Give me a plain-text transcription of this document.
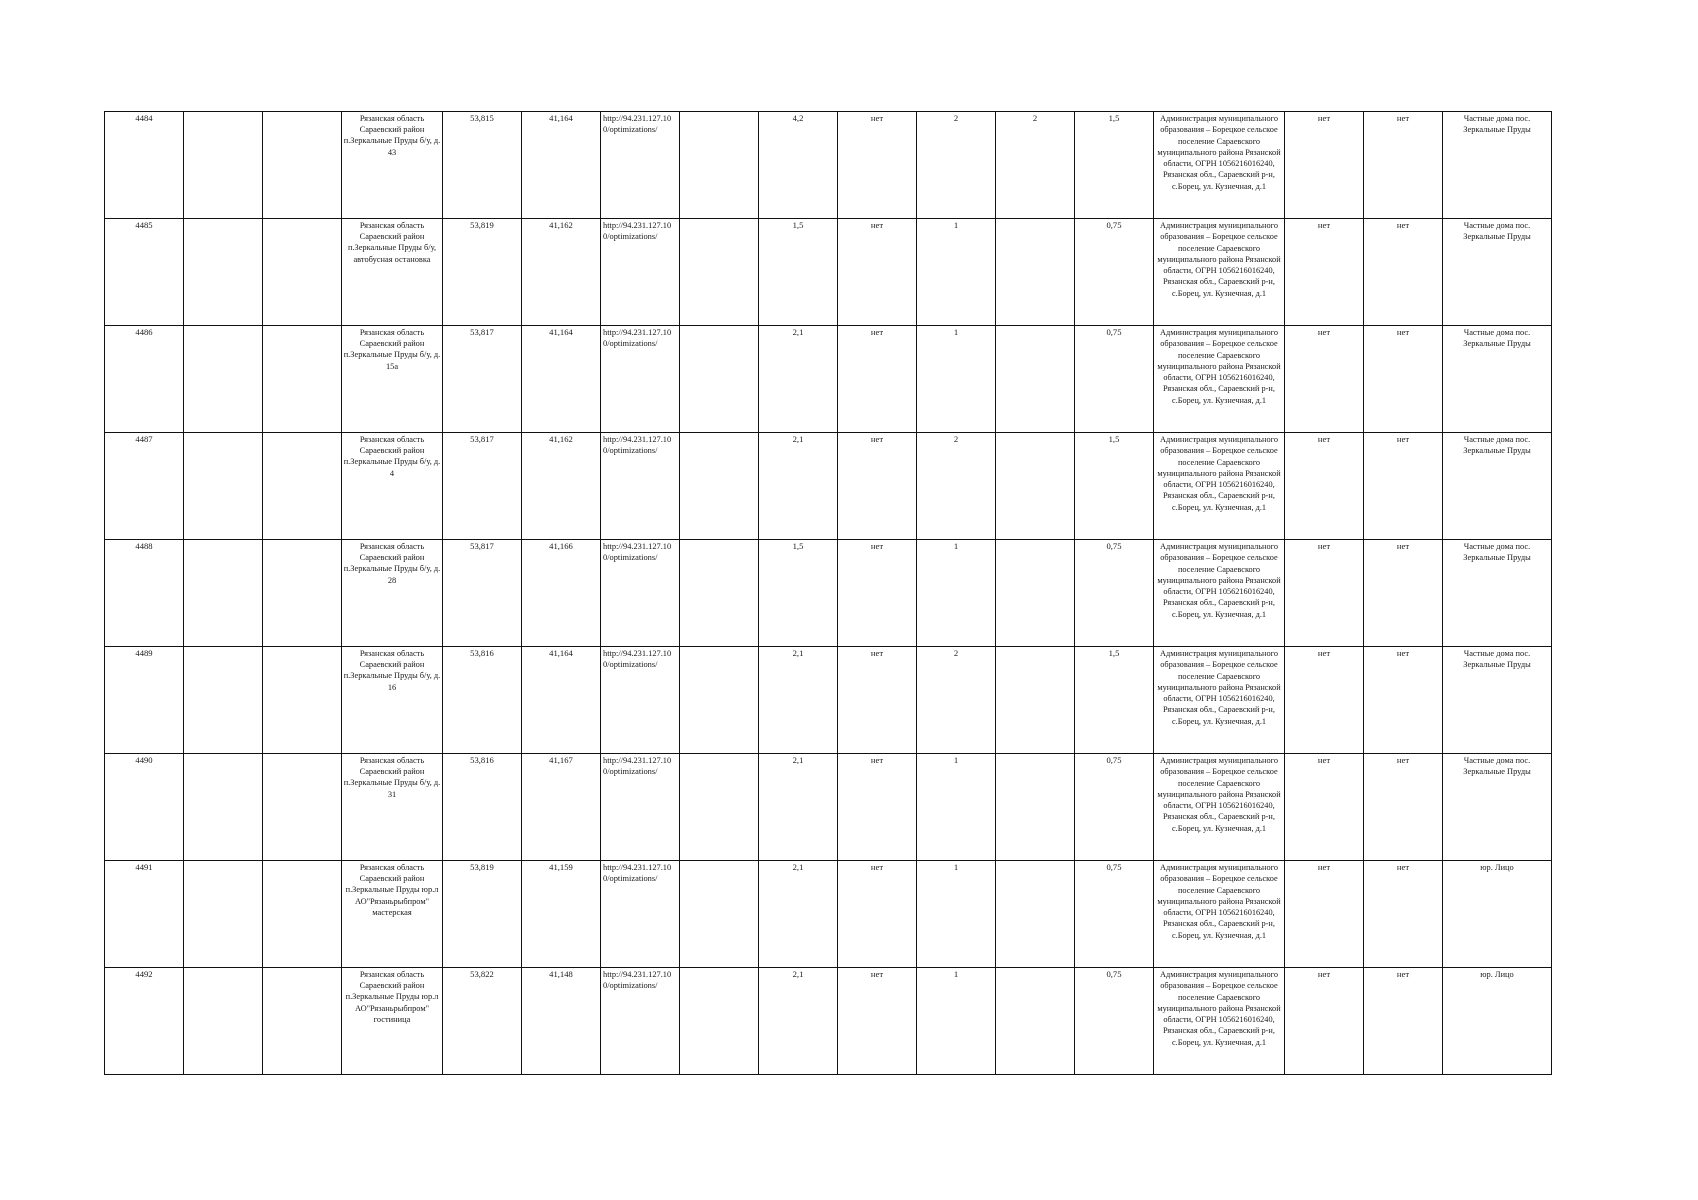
4484			Рязанская область Сараевский район п.Зеркальные Пруды б/у, д. 43	53,815	41,164	http://94.231.127.10 0/optimizations/		4,2	нет	2	2	1,5	Администрация муниципального образования – Борецкое сельское поселение Сараевского муниципального района Рязанской области, ОГРН 1056216016240, Рязанская обл., Сараевский р-н, с.Борец, ул. Кузнечная, д.1	нет	нет	Частные дома пос. Зеркальные Пруды
4485			Рязанская область Сараевский район п.Зеркальные Пруды б/у, автобусная остановка	53,819	41,162	http://94.231.127.10 0/optimizations/		1,5	нет	1		0,75	Администрация муниципального образования – Борецкое сельское поселение Сараевского муниципального района Рязанской области, ОГРН 1056216016240, Рязанская обл., Сараевский р-н, с.Борец, ул. Кузнечная, д.1	нет	нет	Частные дома пос. Зеркальные Пруды
4486			Рязанская область Сараевский район п.Зеркальные Пруды б/у, д. 15а	53,817	41,164	http://94.231.127.10 0/optimizations/		2,1	нет	1		0,75	Администрация муниципального образования – Борецкое сельское поселение Сараевского муниципального района Рязанской области, ОГРН 1056216016240, Рязанская обл., Сараевский р-н, с.Борец, ул. Кузнечная, д.1	нет	нет	Частные дома пос. Зеркальные Пруды
4487			Рязанская область Сараевский район п.Зеркальные Пруды б/у, д. 4	53,817	41,162	http://94.231.127.10 0/optimizations/		2,1	нет	2		1,5	Администрация муниципального образования – Борецкое сельское поселение Сараевского муниципального района Рязанской области, ОГРН 1056216016240, Рязанская обл., Сараевский р-н, с.Борец, ул. Кузнечная, д.1	нет	нет	Частные дома пос. Зеркальные Пруды
4488			Рязанская область Сараевский район п.Зеркальные Пруды б/у, д. 28	53,817	41,166	http://94.231.127.10 0/optimizations/		1,5	нет	1		0,75	Администрация муниципального образования – Борецкое сельское поселение Сараевского муниципального района Рязанской области, ОГРН 1056216016240, Рязанская обл., Сараевский р-н, с.Борец, ул. Кузнечная, д.1	нет	нет	Частные дома пос. Зеркальные Пруды
4489			Рязанская область Сараевский район п.Зеркальные Пруды б/у, д. 16	53,816	41,164	http://94.231.127.10 0/optimizations/		2,1	нет	2		1,5	Администрация муниципального образования – Борецкое сельское поселение Сараевского муниципального района Рязанской области, ОГРН 1056216016240, Рязанская обл., Сараевский р-н, с.Борец, ул. Кузнечная, д.1	нет	нет	Частные дома пос. Зеркальные Пруды
4490			Рязанская область Сараевский район п.Зеркальные Пруды б/у, д. 31	53,816	41,167	http://94.231.127.10 0/optimizations/		2,1	нет	1		0,75	Администрация муниципального образования – Борецкое сельское поселение Сараевского муниципального района Рязанской области, ОГРН 1056216016240, Рязанская обл., Сараевский р-н, с.Борец, ул. Кузнечная, д.1	нет	нет	Частные дома пос. Зеркальные Пруды
4491			Рязанская область Сараевский район п.Зеркальные Пруды юр.л АО"Рязаньрыбпром" мастерская	53,819	41,159	http://94.231.127.10 0/optimizations/		2,1	нет	1		0,75	Администрация муниципального образования – Борецкое сельское поселение Сараевского муниципального района Рязанской области, ОГРН 1056216016240, Рязанская обл., Сараевский р-н, с.Борец, ул. Кузнечная, д.1	нет	нет	юр. Лицо
4492			Рязанская область Сараевский район п.Зеркальные Пруды юр.л АО"Рязаньрыбпром" гостиница	53,822	41,148	http://94.231.127.10 0/optimizations/		2,1	нет	1		0,75	Администрация муниципального образования – Борецкое сельское поселение Сараевского муниципального района Рязанской области, ОГРН 1056216016240, Рязанская обл., Сараевский р-н, с.Борец, ул. Кузнечная, д.1	нет	нет	юр. Лицо
